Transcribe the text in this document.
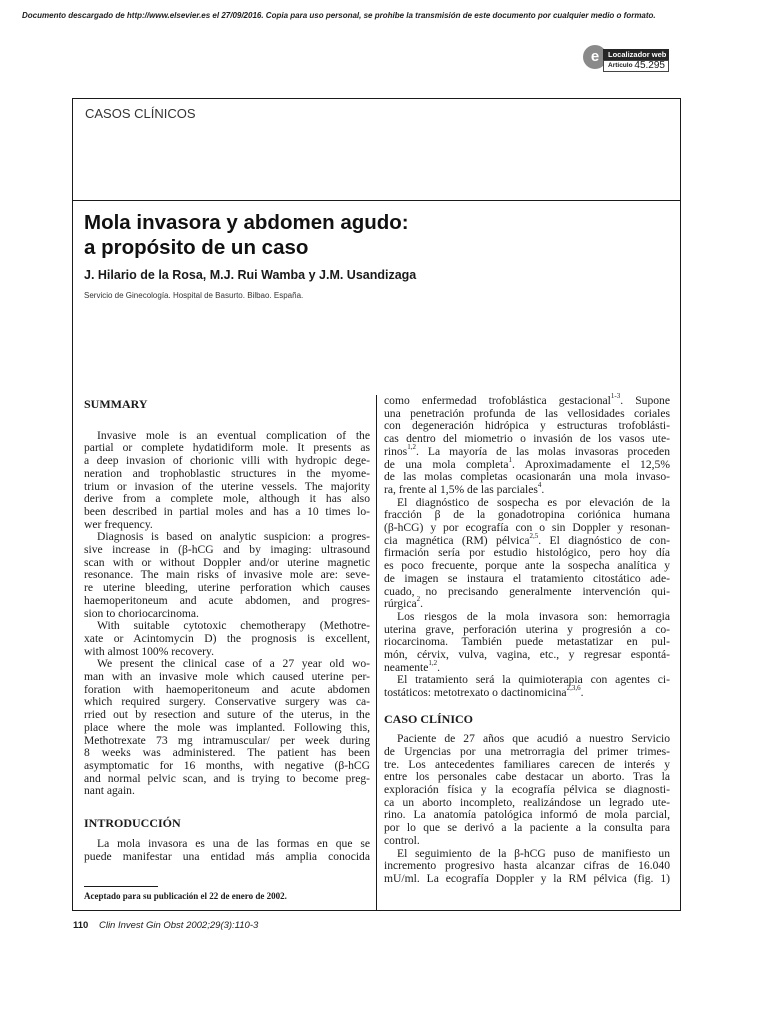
Documento descargado de http://www.elsevier.es el 27/09/2016. Copia para uso personal, se prohíbe la transmisión de este documento por cualquier medio o formato.
e	Localizador web
Artículo 45.295
CASOS CLÍNICOS
Mola invasora y abdomen agudo:
a propósito de un caso
J. Hilario de la Rosa, M.J. Rui Wamba y J.M. Usandizaga
Servicio de Ginecología. Hospital de Basurto. Bilbao. España.
SUMMARY
Invasive mole is an eventual complication of the
partial or complete hydatidiform mole. It presents as
a deep invasion of chorionic villi with hydropic dege-
neration and trophoblastic structures in the myome-
trium or invasion of the uterine vessels. The majority
derive from a complete mole, although it has also
been described in partial moles and has a 10 times lo-
wer frequency.
Diagnosis is based on analytic suspicion: a progres-
sive increase in (β-hCG and by imaging: ultrasound
scan with or without Doppler and/or uterine magnetic
resonance. The main risks of invasive mole are: seve-
re uterine bleeding, uterine perforation which causes
haemoperitoneum and acute abdomen, and progres-
sion to choriocarcinoma.
With suitable cytotoxic chemotherapy (Methotre-
xate or Acintomycin D) the prognosis is excellent,
with almost 100% recovery.
We present the clinical case of a 27 year old wo-
man with an invasive mole which caused uterine per-
foration with haemoperitoneum and acute abdomen
which required surgery. Conservative surgery was ca-
rried out by resection and suture of the uterus, in the
place where the mole was implanted. Following this,
Methotrexate 73 mg intramuscular/ per week during
8 weeks was administered. The patient has been
asymptomatic for 16 months, with negative (β-hCG
and normal pelvic scan, and is trying to become preg-
nant again.
INTRODUCCIÓN
La mola invasora es una de las formas en que se
puede manifestar una entidad más amplia conocida
Aceptado para su publicación el 22 de enero de 2002.
como enfermedad trofoblástica gestacional$^{1-3}$. Supone
una penetración profunda de las vellosidades coriales
con degeneración hidrópica y estructuras trofoblásti-
cas dentro del miometrio o invasión de los vasos ute-
rinos$^{1,2}$. La mayoría de las molas invasoras proceden
de una mola completa$^1$. Aproximadamente el 12,5%
de las molas completas ocasionarán una mola invaso-
ra, frente al 1,5% de las parciales$^4$.
El diagnóstico de sospecha es por elevación de la
fracción β de la gonadotropina coriónica humana
(β-hCG) y por ecografía con o sin Doppler y resonan-
cia magnética (RM) pélvica$^{2,5}$. El diagnóstico de con-
firmación sería por estudio histológico, pero hoy día
es poco frecuente, porque ante la sospecha analítica y
de imagen se instaura el tratamiento citostático ade-
cuado, no precisando generalmente intervención qui-
rúrgica$^2$.
Los riesgos de la mola invasora son: hemorragia
uterina grave, perforación uterina y progresión a co-
riocarcinoma. También puede metastatizar en pul-
món, cérvix, vulva, vagina, etc., y regresar espontá-
neamente$^{1,2}$.
El tratamiento será la quimioterapia con agentes ci-
tostáticos: metotrexato o dactinomicina$^{2,3,6}$.
CASO CLÍNICO
Paciente de 27 años que acudió a nuestro Servicio
de Urgencias por una metrorragia del primer trimes-
tre. Los antecedentes familiares carecen de interés y
entre los personales cabe destacar un aborto. Tras la
exploración física y la ecografía pélvica se diagnosti-
ca un aborto incompleto, realizándose un legrado ute-
rino. La anatomía patológica informó de mola parcial,
por lo que se derivó a la paciente a la consulta para
control.
El seguimiento de la β-hCG puso de manifiesto un
incremento progresivo hasta alcanzar cifras de 16.040
mU/ml. La ecografía Doppler y la RM pélvica (fig. 1)
110 Clin Invest Gin Obst 2002;29(3):110-3
